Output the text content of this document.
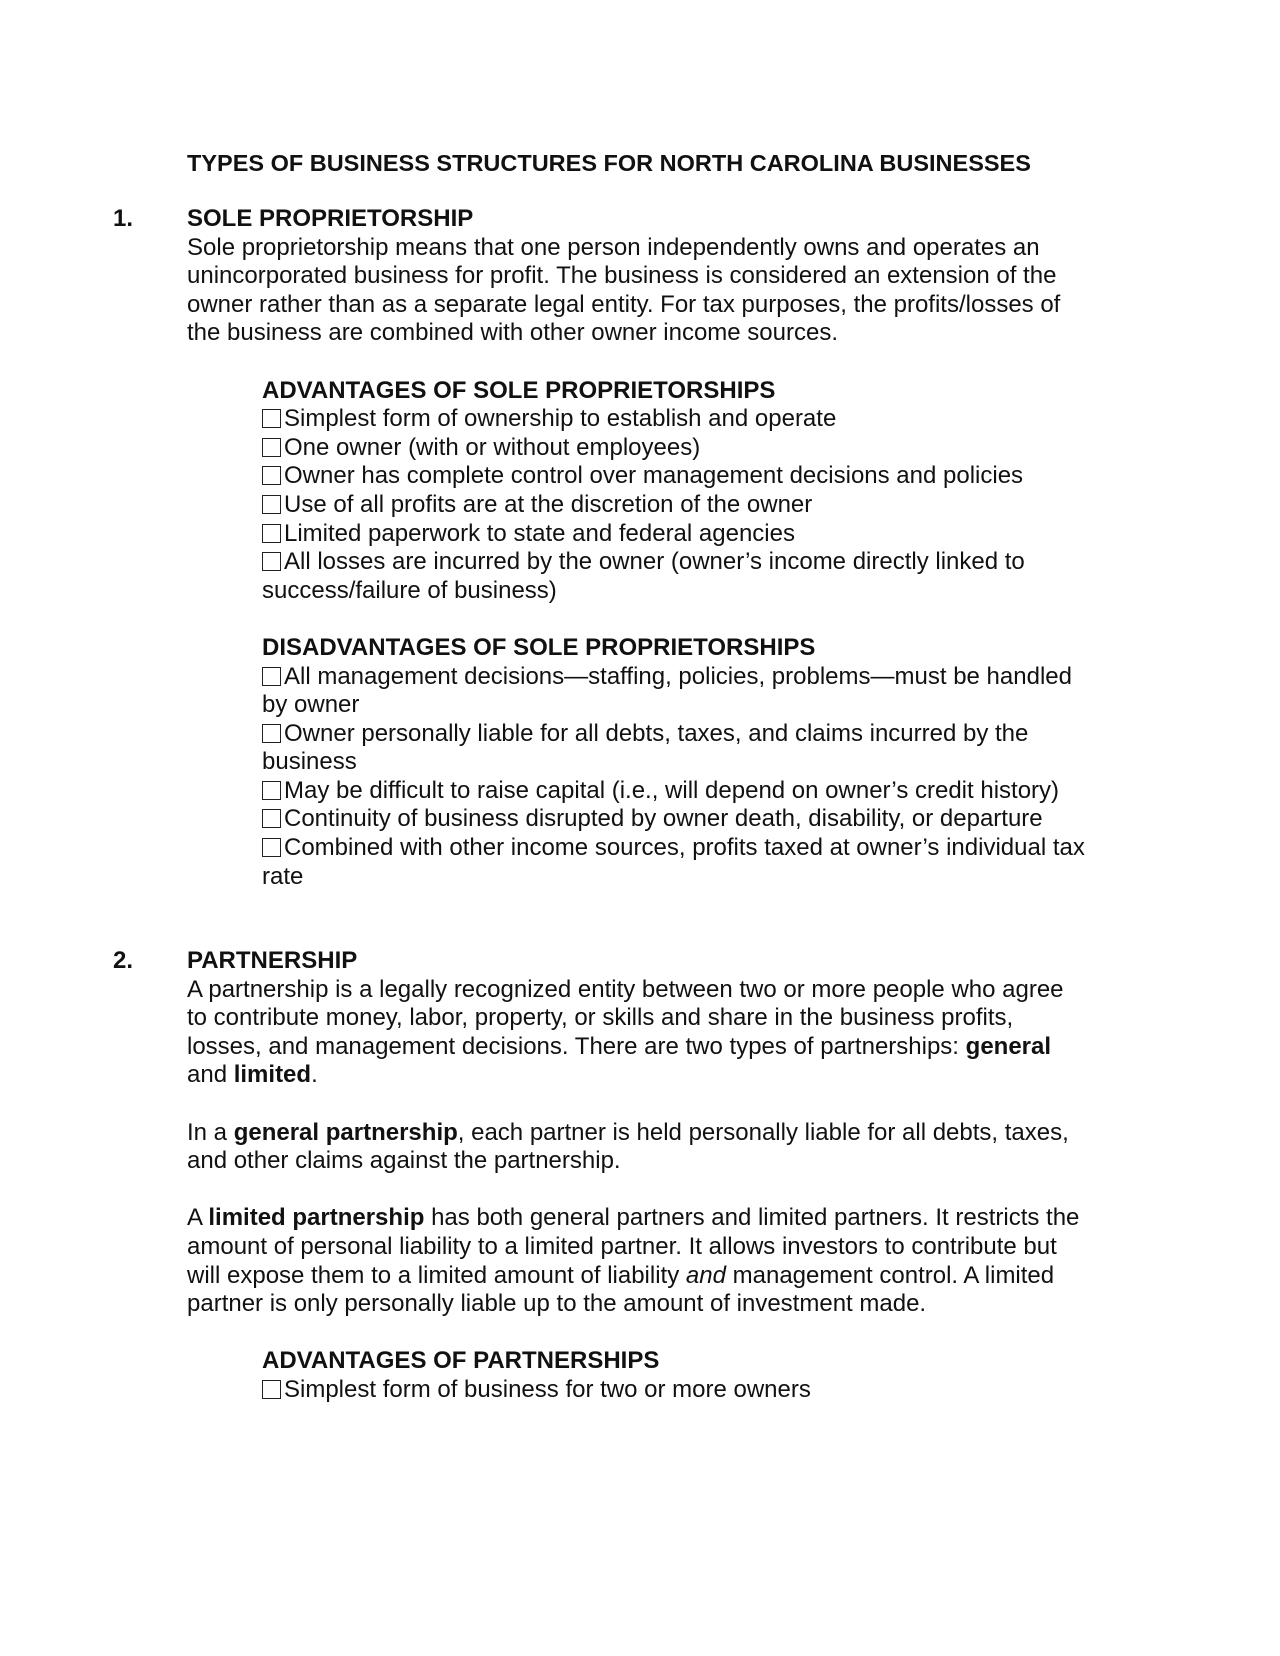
TYPES OF BUSINESS STRUCTURES FOR NORTH CAROLINA BUSINESSES
1. SOLE PROPRIETORSHIP

Sole proprietorship means that one person independently owns and operates an unincorporated business for profit. The business is considered an extension of the owner rather than as a separate legal entity. For tax purposes, the profits/losses of the business are combined with other owner income sources.

ADVANTAGES OF SOLE PROPRIETORSHIPS
Simplest form of ownership to establish and operate
One owner (with or without employees)
Owner has complete control over management decisions and policies
Use of all profits are at the discretion of the owner
Limited paperwork to state and federal agencies
All losses are incurred by the owner (owner’s income directly linked to success/failure of business)
DISADVANTAGES OF SOLE PROPRIETORSHIPS
All management decisions—staffing, policies, problems—must be handled by owner
Owner personally liable for all debts, taxes, and claims incurred by the business
May be difficult to raise capital (i.e., will depend on owner’s credit history)
Continuity of business disrupted by owner death, disability, or departure
Combined with other income sources, profits taxed at owner’s individual tax rate
2. PARTNERSHIP

A partnership is a legally recognized entity between two or more people who agree to contribute money, labor, property, or skills and share in the business profits, losses, and management decisions. There are two types of partnerships: general and limited.

In a general partnership, each partner is held personally liable for all debts, taxes, and other claims against the partnership.

A limited partnership has both general partners and limited partners. It restricts the amount of personal liability to a limited partner. It allows investors to contribute but will expose them to a limited amount of liability and management control. A limited partner is only personally liable up to the amount of investment made.

ADVANTAGES OF PARTNERSHIPS
Simplest form of business for two or more owners
